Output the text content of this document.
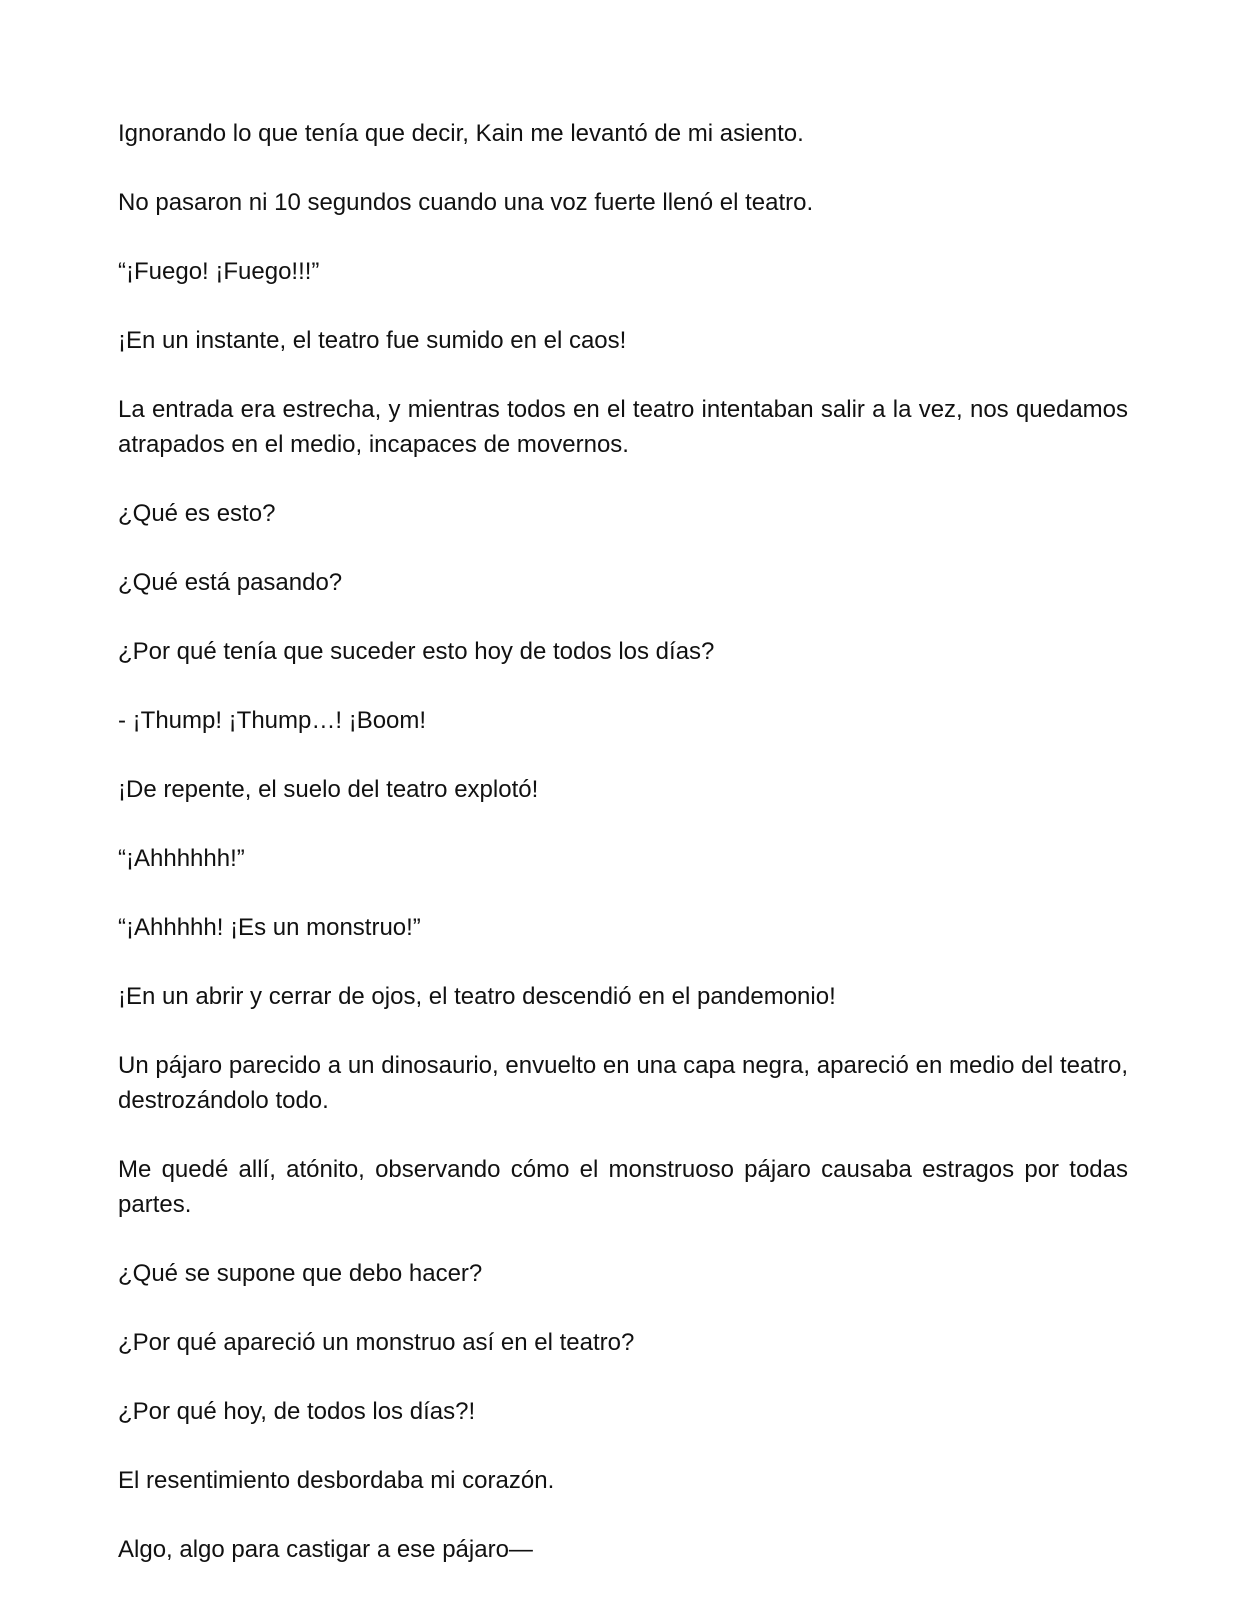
Ignorando lo que tenía que decir, Kain me levantó de mi asiento.

No pasaron ni 10 segundos cuando una voz fuerte llenó el teatro.

“¡Fuego! ¡Fuego!!!”

¡En un instante, el teatro fue sumido en el caos!

La entrada era estrecha, y mientras todos en el teatro intentaban salir a la vez, nos quedamos atrapados en el medio, incapaces de movernos.

¿Qué es esto?

¿Qué está pasando?

¿Por qué tenía que suceder esto hoy de todos los días?

- ¡Thump! ¡Thump…! ¡Boom!

¡De repente, el suelo del teatro explotó!

“¡Ahhhhhh!”

“¡Ahhhhh! ¡Es un monstruo!”

¡En un abrir y cerrar de ojos, el teatro descendió en el pandemonio!

Un pájaro parecido a un dinosaurio, envuelto en una capa negra, apareció en medio del teatro, destrozándolo todo.

Me quedé allí, atónito, observando cómo el monstruoso pájaro causaba estragos por todas partes.

¿Qué se supone que debo hacer?

¿Por qué apareció un monstruo así en el teatro?

¿Por qué hoy, de todos los días?!

El resentimiento desbordaba mi corazón.

Algo, algo para castigar a ese pájaro—
